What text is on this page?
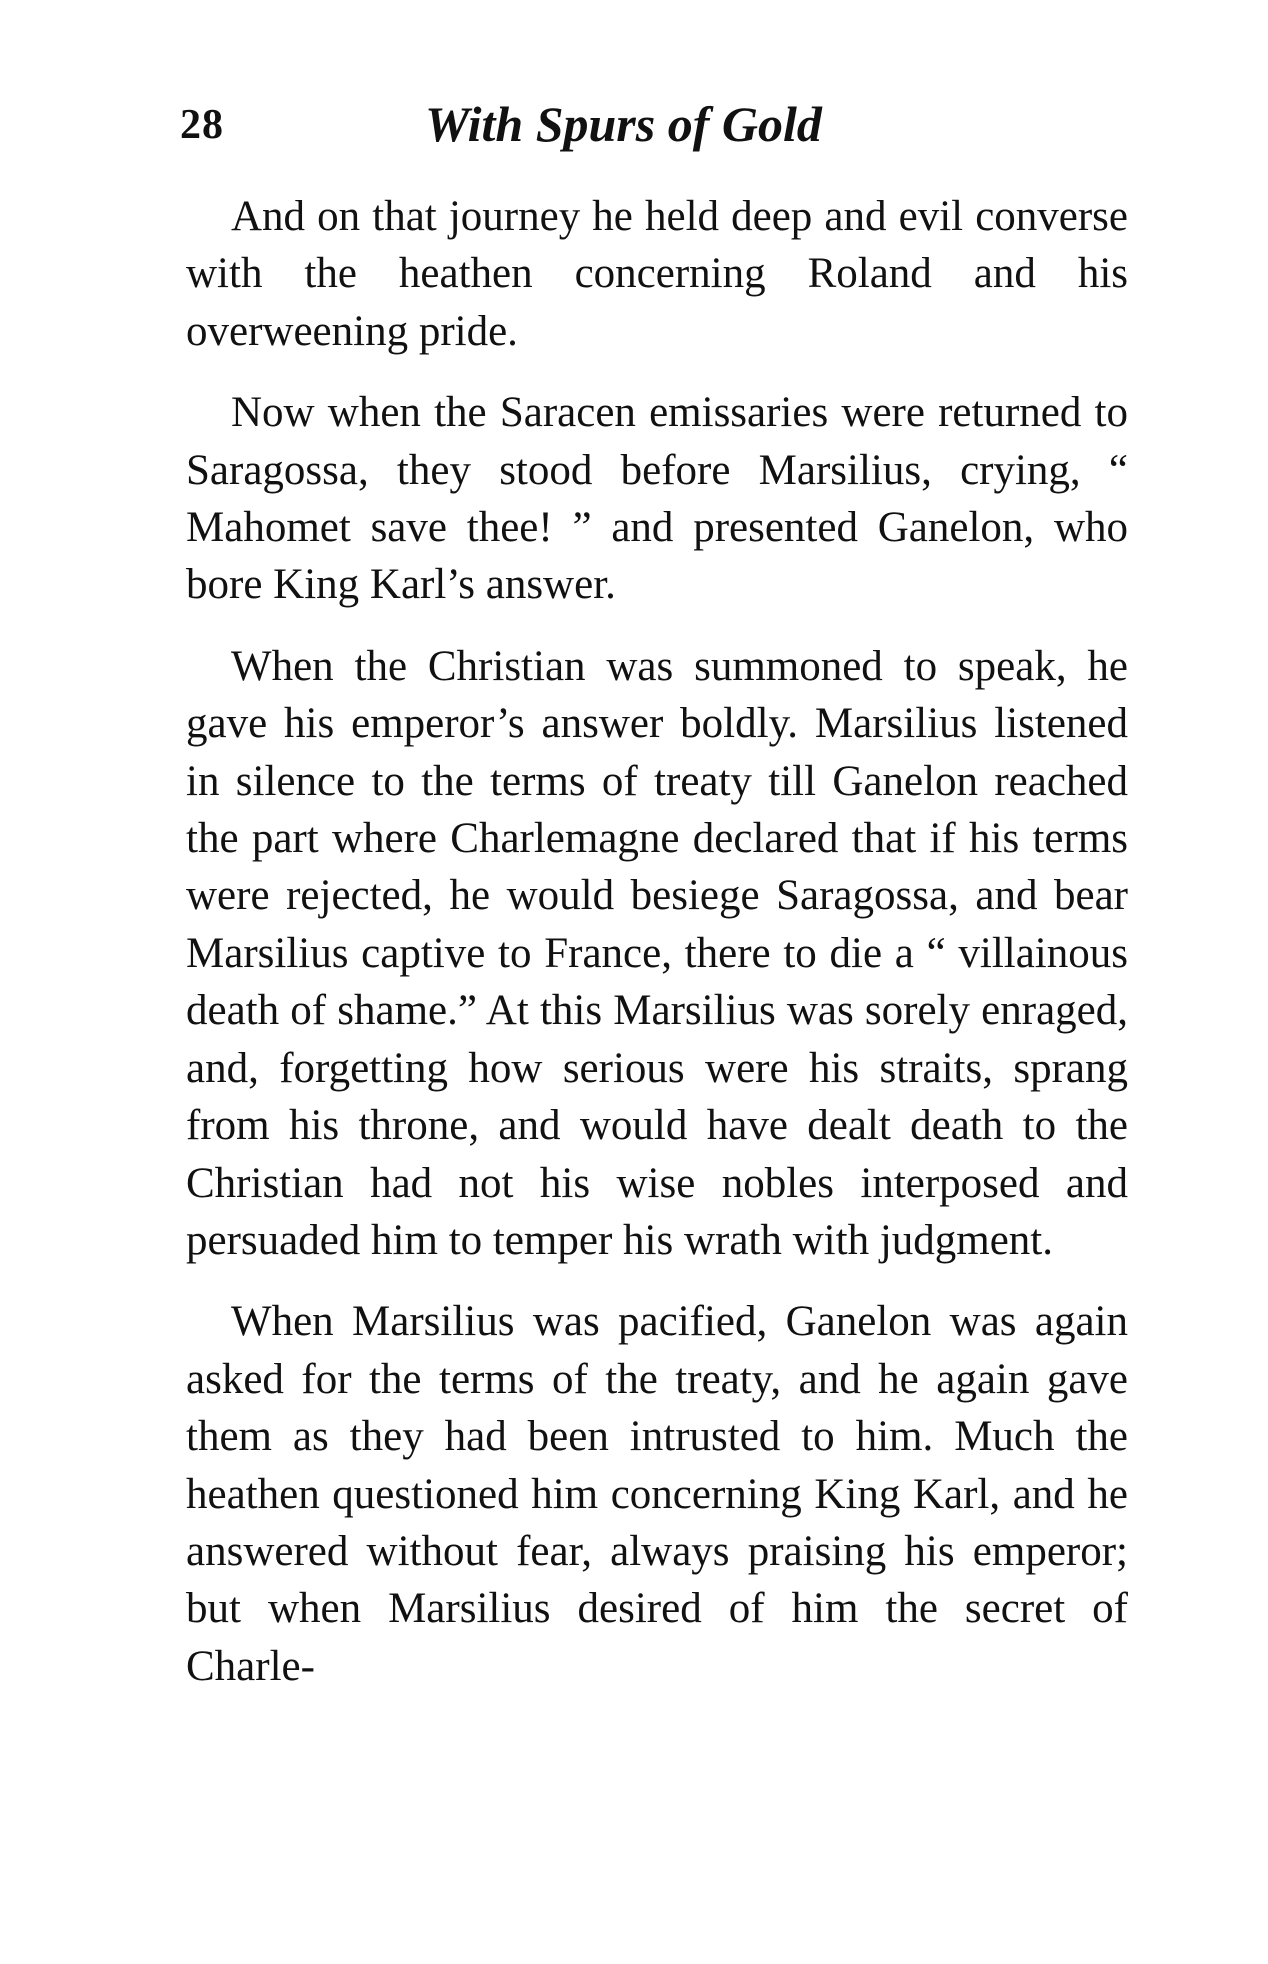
28	With Spurs of Gold

And on that journey he held deep and evil converse with the heathen concerning Roland and his overweening pride.

Now when the Saracen emissaries were returned to Saragossa, they stood before Marsilius, crying, “ Mahomet save thee! ” and presented Ganelon, who bore King Karl’s answer.

When the Christian was summoned to speak, he gave his emperor’s answer boldly. Marsilius listened in silence to the terms of treaty till Ganelon reached the part where Charlemagne declared that if his terms were rejected, he would besiege Saragossa, and bear Marsilius captive to France, there to die a “ villainous death of shame.” At this Marsilius was sorely enraged, and, forgetting how serious were his straits, sprang from his throne, and would have dealt death to the Christian had not his wise nobles interposed and persuaded him to temper his wrath with judgment.

When Marsilius was pacified, Ganelon was again asked for the terms of the treaty, and he again gave them as they had been intrusted to him. Much the heathen questioned him concerning King Karl, and he answered without fear, always praising his emperor; but when Marsilius desired of him the secret of Charle-
